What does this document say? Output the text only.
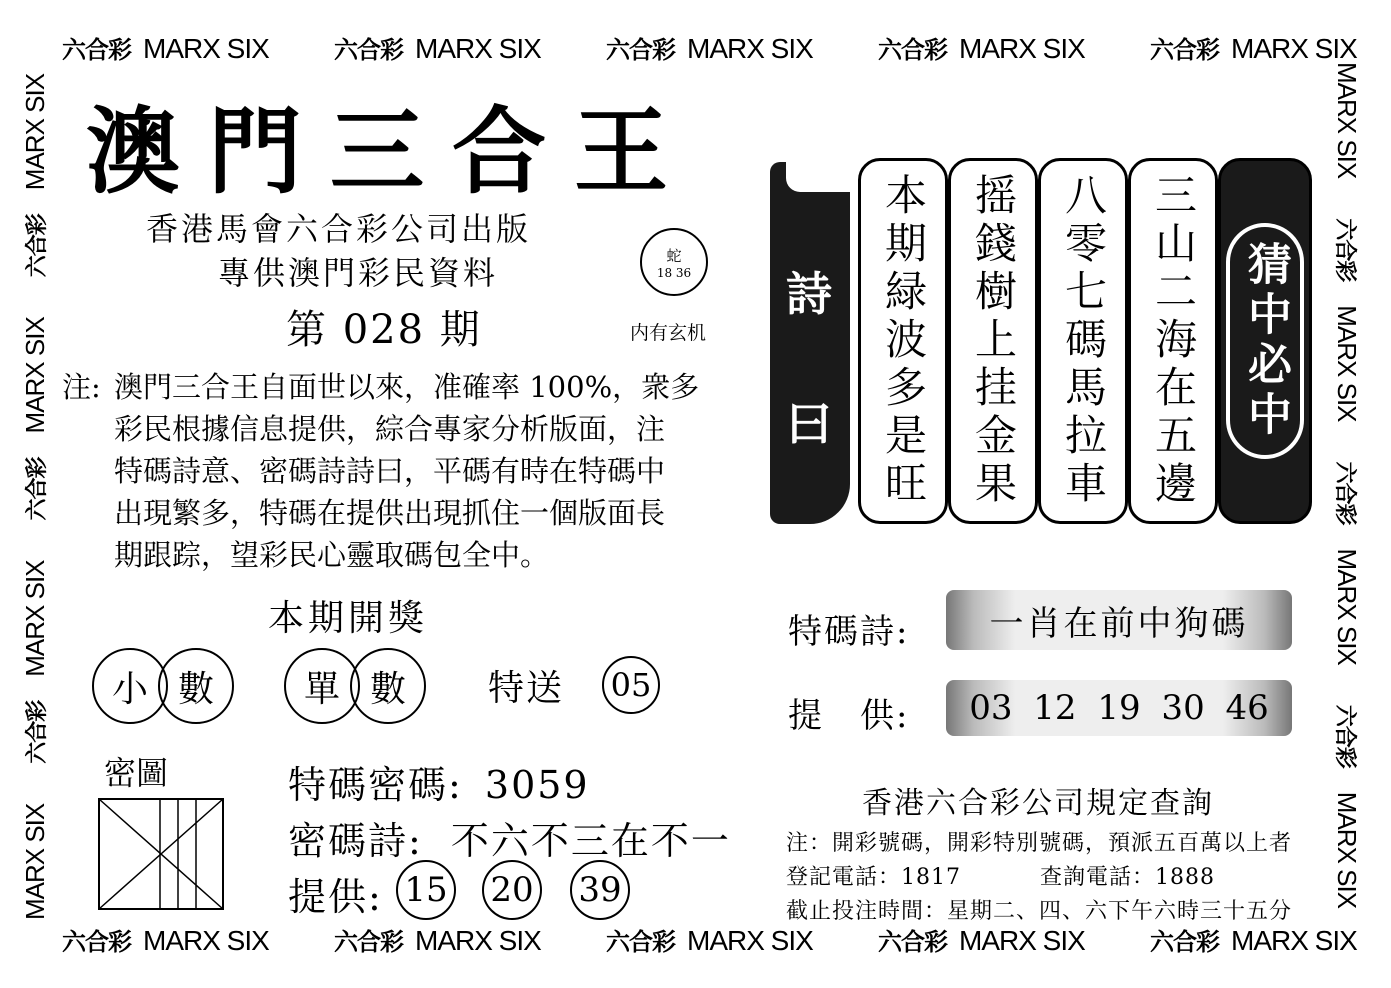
六合彩 MARX SIX	六合彩 MARX SIX	六合彩 MARX SIX	六合彩 MARX SIX	六合彩 MARX SIX
六合彩 MARX SIX	六合彩 MARX SIX	六合彩 MARX SIX	六合彩 MARX SIX	六合彩 MARX SIX
MARX SIX六合彩MARX SIX六合彩MARX SIX六合彩MARX SIX	MARX SIX六合彩MARX SIX六合彩MARX SIX六合彩MARX SIX
澳門三合王
香港馬會六合彩公司出版
專供澳門彩民資料	蛇
18 36
第 028 期	内有玄机
注: 澳門三合王自面世以來，准確率 100%，衆多
彩民根據信息提供，綜合專家分析版面，注
特碼詩意、密碼詩詩曰，平碼有時在特碼中
出現繁多，特碼在提供出現抓住一個版面長
期跟踪，望彩民心靈取碼包全中。
本期開獎
小 數	單 數	特送 05
密圖	特碼密碼: 3059
密碼詩: 不六不三在不一
提供: 15 20 39
詩
曰	本期緑波多是旺 摇錢樹上挂金果 八零七碼馬拉車 三山二海在五邊 猜中必中
特碼詩:	一肖在前中狗碼
提　供:	03 12 19 30 46
香港六合彩公司規定查詢
注：開彩號碼，開彩特別號碼，預派五百萬以上者
登記電話：1817	查詢電話：1888
截止投注時間：星期二、四、六下午六時三十五分
